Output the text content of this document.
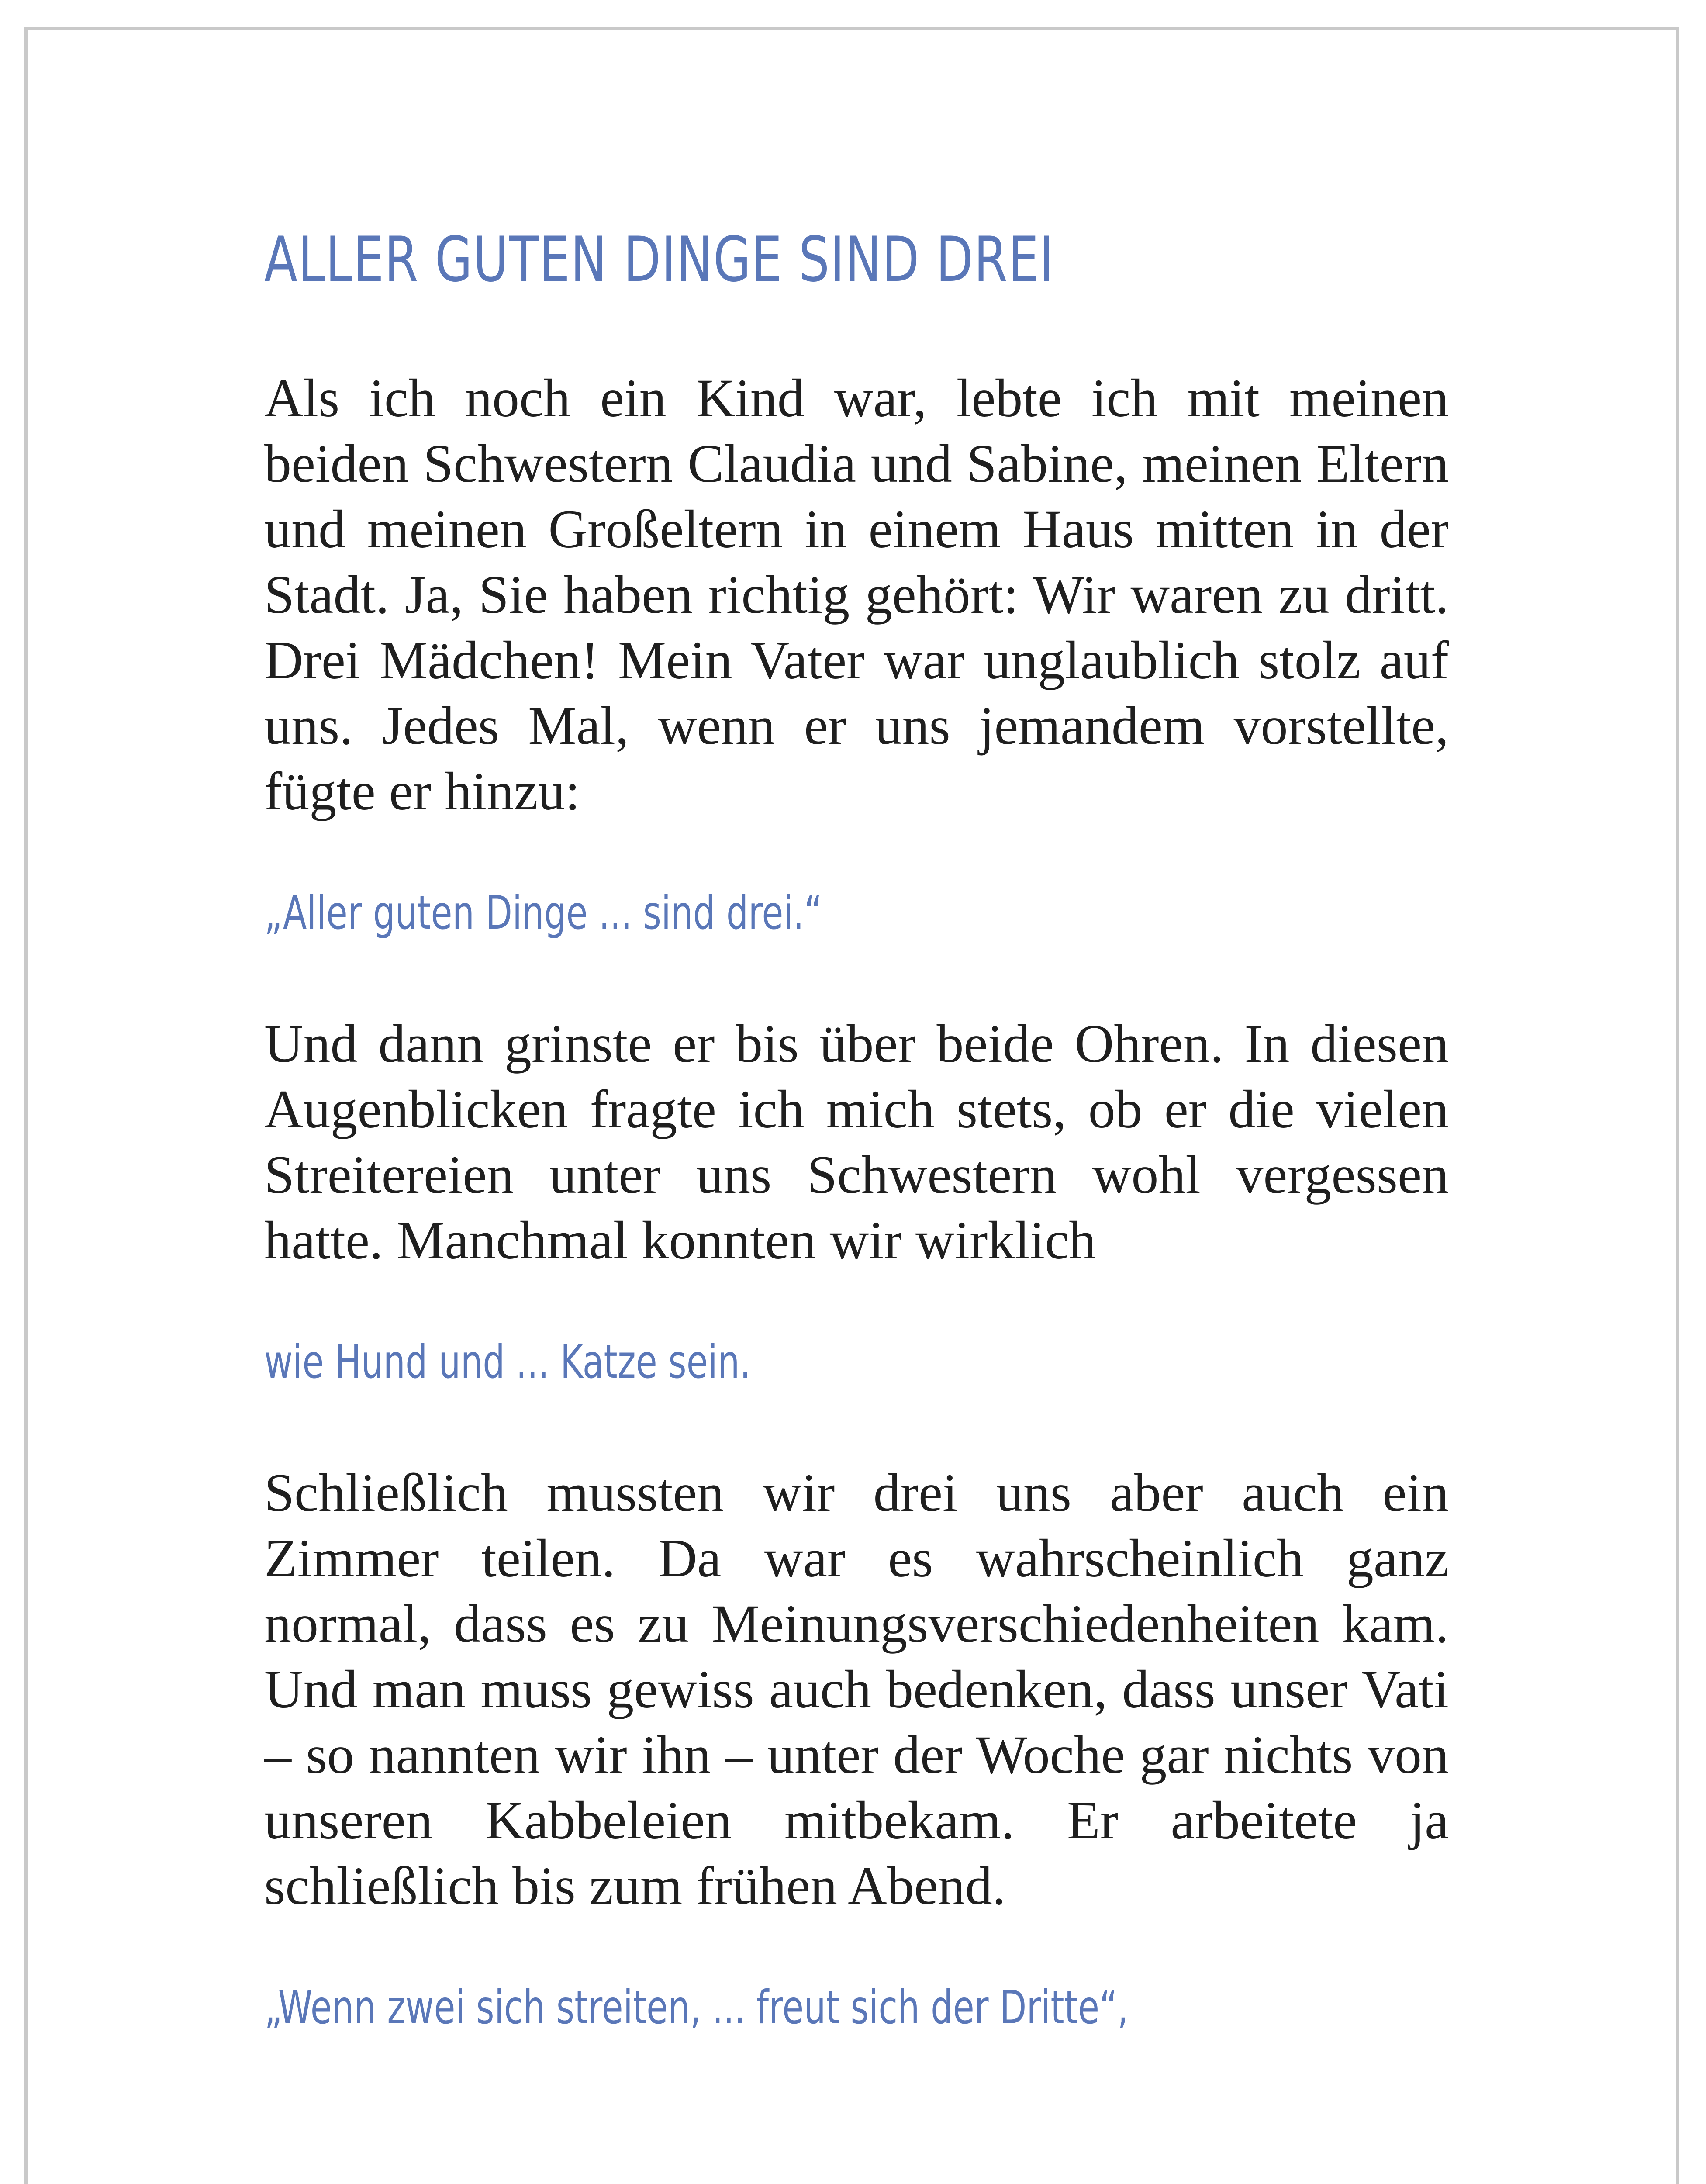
ALLER GUTEN DINGE SIND DREI

Als ich noch ein Kind war, lebte ich mit meinen beiden Schwestern Claudia und Sabine, meinen Eltern und meinen Großeltern in einem Haus mitten in der Stadt. Ja, Sie haben richtig gehört: Wir waren zu dritt. Drei Mädchen! Mein Vater war unglaublich stolz auf uns. Jedes Mal, wenn er uns jemandem vorstellte, fügte er hinzu:

„Aller guten Dinge ... sind drei.“

Und dann grinste er bis über beide Ohren. In diesen Augenblicken fragte ich mich stets, ob er die vielen Streitereien unter uns Schwestern wohl vergessen hatte. Manchmal konnten wir wirklich

wie Hund und ... Katze sein.

Schließlich mussten wir drei uns aber auch ein Zimmer teilen. Da war es wahrscheinlich ganz normal, dass es zu Meinungsverschiedenheiten kam. Und man muss gewiss auch bedenken, dass unser Vati – so nannten wir ihn – unter der Woche gar nichts von unseren Kabbeleien mitbekam. Er arbeitete ja schließlich bis zum frühen Abend.

„Wenn zwei sich streiten, ... freut sich der Dritte“,
